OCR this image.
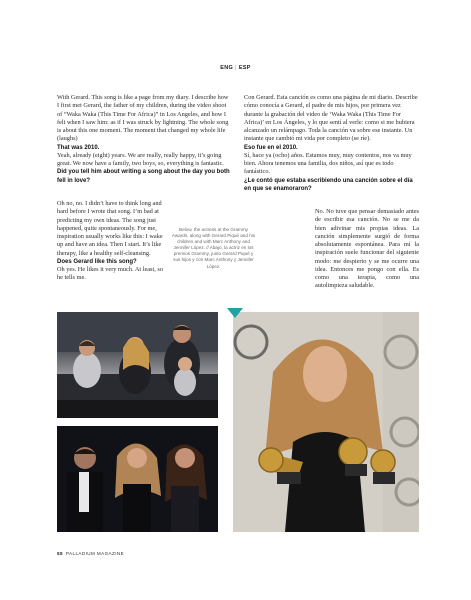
ENG | ESP

With Gerard. This song is like a page from my diary. I describe how I first met Gerard, the father of my children, during the video shoot of “Waka Waka (This Time For Africa)” in Los Angeles, and how I felt when I saw him: as if I was struck by lightning. The whole song is about this one moment. The moment that changed my whole life (laughs)

That was 2010.

Yeah, already (eight) years. We are really, really happy, it’s going great. We now have a family, two boys, so, everything is fantastic.

Did you tell him about writing a song about the day you both fell in love?

Oh no, no. I didn’t have to think long and hard before I wrote that song. I’m bad at predicting my own ideas. The song just happened, quite spontaneously. For me, inspiration usually works like this: I wake up and have an idea. Then I start. It’s like therapy, like a healthy self-cleansing.

Does Gerard like this song?

Oh yes. He likes it very much. At least, so he tells me.

Con Gerard. Esta canción es como una página de mi diario. Describe cómo conocía a Gerard, el padre de mis hijos, por primera vez durante la grabación del video de ‘Waka Waka (This Time For Africa)’ en Los Ángeles, y lo que sentí al verle: como si me hubiera alcanzado un relámpago. Toda la canción va sobre ese instante. Un instante que cambió mi vida por completo (se ríe).

Eso fue en el 2010.

Sí, hace ya (ocho) años. Estamos muy, muy contentos, nos va muy bien. Ahora tenemos una familia, dos niños, así que es todo fantástico.

¿Le contó que estaba escribiendo una canción sobre el día en que se enamoraron?

No. No tuve que pensar demasiado antes de escribir esa canción. No se me da bien adivinar mis propias ideas. La canción simplemente surgió de forma absolutamente espontánea. Para mí la inspiración suele funcionar del siguiente modo: me despierto y se me ocurre una idea. Entonces me pongo con ella. Es como una terapia, como una autolimpieza saludable.

Below, the actress at the Grammy Awards, along with Gerard Piqué and his children and with Marc Anthony and Jennifer López. // Abajo, la actriz en los premios Grammy, junto Gerard Piqué y sus hijos y con Marc Anthony y Jennifer López.
88 PALLADIUM MAGAZINE
